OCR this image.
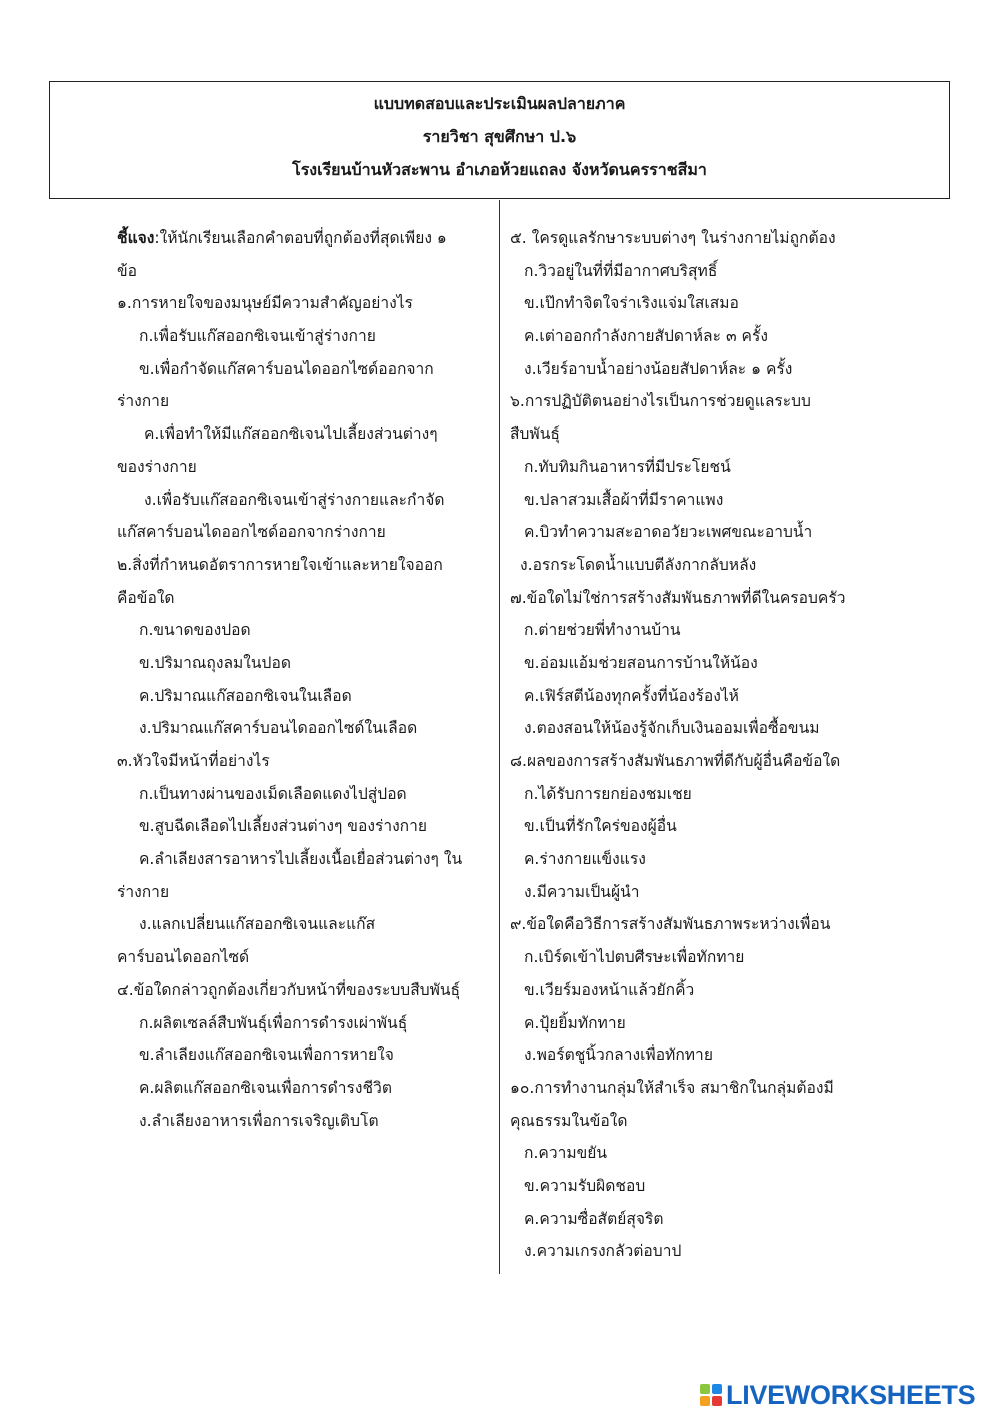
แบบทดสอบและประเมินผลปลายภาค
รายวิชา สุขศึกษา ป.๖
โรงเรียนบ้านหัวสะพาน อำเภอห้วยแถลง จังหวัดนครราชสีมา
ชี้แจง:ให้นักเรียนเลือกคำตอบที่ถูกต้องที่สุดเพียง ๑
ข้อ
๑.การหายใจของมนุษย์มีความสำคัญอย่างไร
ก.เพื่อรับแก๊สออกซิเจนเข้าสู่ร่างกาย
ข.เพื่อกำจัดแก๊สคาร์บอนไดออกไซด์ออกจาก
ร่างกาย
ค.เพื่อทำให้มีแก๊สออกซิเจนไปเลี้ยงส่วนต่างๆ
ของร่างกาย
ง.เพื่อรับแก๊สออกซิเจนเข้าสู่ร่างกายและกำจัด
แก๊สคาร์บอนไดออกไซด์ออกจากร่างกาย
๒.สิ่งที่กำหนดอัตราการหายใจเข้าและหายใจออก
คือข้อใด
ก.ขนาดของปอด
ข.ปริมาณถุงลมในปอด
ค.ปริมาณแก๊สออกซิเจนในเลือด
ง.ปริมาณแก๊สคาร์บอนไดออกไซด์ในเลือด
๓.หัวใจมีหน้าที่อย่างไร
ก.เป็นทางผ่านของเม็ดเลือดแดงไปสู่ปอด
ข.สูบฉีดเลือดไปเลี้ยงส่วนต่างๆ ของร่างกาย
ค.ลำเลียงสารอาหารไปเลี้ยงเนื้อเยื่อส่วนต่างๆ ใน
ร่างกาย
ง.แลกเปลี่ยนแก๊สออกซิเจนและแก๊ส
คาร์บอนไดออกไซด์
๔.ข้อใดกล่าวถูกต้องเกี่ยวกับหน้าที่ของระบบสืบพันธุ์
ก.ผลิตเซลล์สืบพันธุ์เพื่อการดำรงเผ่าพันธุ์
ข.ลำเลียงแก๊สออกซิเจนเพื่อการหายใจ
ค.ผลิตแก๊สออกซิเจนเพื่อการดำรงชีวิต
ง.ลำเลียงอาหารเพื่อการเจริญเติบโต
๕. ใครดูแลรักษาระบบต่างๆ ในร่างกายไม่ถูกต้อง
ก.วิวอยู่ในที่ที่มีอากาศบริสุทธิ์
ข.เป๊กทำจิตใจร่าเริงแจ่มใสเสมอ
ค.เต่าออกกำลังกายสัปดาห์ละ ๓ ครั้ง
ง.เวียร์อาบน้ำอย่างน้อยสัปดาห์ละ ๑ ครั้ง
๖.การปฏิบัติตนอย่างไรเป็นการช่วยดูแลระบบ
สืบพันธุ์
ก.ทับทิมกินอาหารที่มีประโยชน์
ข.ปลาสวมเสื้อผ้าที่มีราคาแพง
ค.บิวทำความสะอาดอวัยวะเพศขณะอาบน้ำ
ง.อรกระโดดน้ำแบบตีลังกากลับหลัง
๗.ข้อใดไม่ใช่การสร้างสัมพันธภาพที่ดีในครอบครัว
ก.ต่ายช่วยพี่ทำงานบ้าน
ข.อ่อมแอ้มช่วยสอนการบ้านให้น้อง
ค.เฟิร์สตีน้องทุกครั้งที่น้องร้องไห้
ง.ตองสอนให้น้องรู้จักเก็บเงินออมเพื่อซื้อขนม
๘.ผลของการสร้างสัมพันธภาพที่ดีกับผู้อื่นคือข้อใด
ก.ได้รับการยกย่องชมเชย
ข.เป็นที่รักใคร่ของผู้อื่น
ค.ร่างกายแข็งแรง
ง.มีความเป็นผู้นำ
๙.ข้อใดคือวิธีการสร้างสัมพันธภาพระหว่างเพื่อน
ก.เบิร์ดเข้าไปตบศีรษะเพื่อทักทาย
ข.เวียร์มองหน้าแล้วยักคิ้ว
ค.ปุ้ยยิ้มทักทาย
ง.พอร์ตชูนิ้วกลางเพื่อทักทาย
๑๐.การทำงานกลุ่มให้สำเร็จ สมาชิกในกลุ่มต้องมี
คุณธรรมในข้อใด
ก.ความขยัน
ข.ความรับผิดชอบ
ค.ความซื่อสัตย์สุจริต
ง.ความเกรงกลัวต่อบาป
LIVEWORKSHEETS
